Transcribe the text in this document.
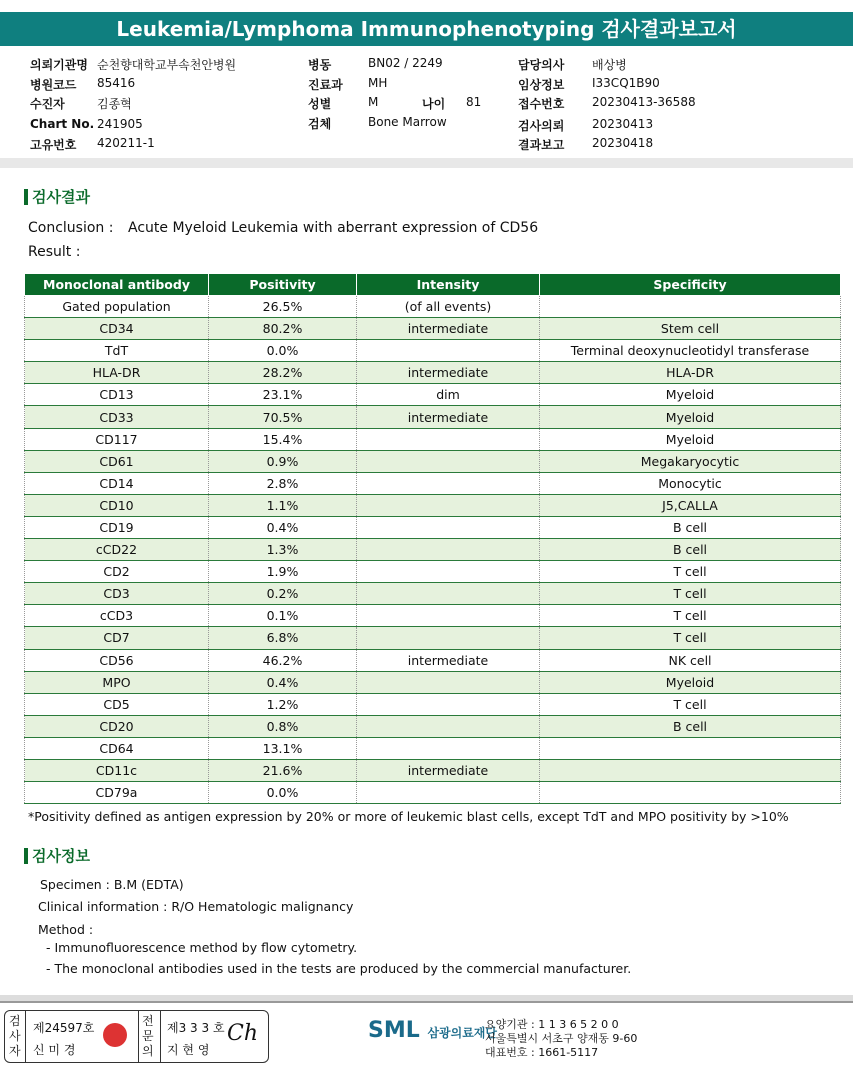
Leukemia/Lymphoma Immunophenotyping 검사결과보고서
의뢰기관명 순천향대학교부속천안병원
병원코드 85416
수진자	김종혁
Chart No. 241905
고유번호 420211-1
병동	BN02 / 2249
진료과 MH
성별	M
검체	Bone Marrow
담당의사 배상병
임상정보 I33CQ1B90
접수번호 20230413-36588
검사의뢰 20230413
결과보고 20230418
나이 81
검사결과
Conclusion : Acute Myeloid Leukemia with aberrant expression of CD56
Result :
Monoclonal antibody	Positivity	Intensity	Specificity
Gated population	26.5%	(of all events)	
CD34	80.2%	intermediate	Stem cell
TdT	0.0%		Terminal deoxynucleotidyl transferase
HLA-DR	28.2%	intermediate	HLA-DR
CD13	23.1%	dim	Myeloid
CD33	70.5%	intermediate	Myeloid
CD117	15.4%		Myeloid
CD61	0.9%		Megakaryocytic
CD14	2.8%		Monocytic
CD10	1.1%		J5,CALLA
CD19	0.4%		B cell
cCD22	1.3%		B cell
CD2	1.9%		T cell
CD3	0.2%		T cell
cCD3	0.1%		T cell
CD7	6.8%		T cell
CD56	46.2%	intermediate	NK cell
MPO	0.4%		Myeloid
CD5	1.2%		T cell
CD20	0.8%		B cell
CD64	13.1%		
CD11c	21.6%	intermediate	
CD79a	0.0%		
*Positivity defined as antigen expression by 20% or more of leukemic blast cells, except TdT and MPO positivity by >10%
검사정보
Specimen : B.M (EDTA)
Clinical information : R/O Hematologic malignancy
Method :
- Immunofluorescence method by flow cytometry.
- The monoclonal antibodies used in the tests are produced by the commercial manufacturer.
검사자
제24597호
신 미 경
전문의
제3 3 3 호
지 현 영
Ch	SML 삼광의료재단
요양기관 : 1 1 3 6 5 2 0 0
서울특별시 서초구 양재동 9-60
대표번호 : 1661-5117
